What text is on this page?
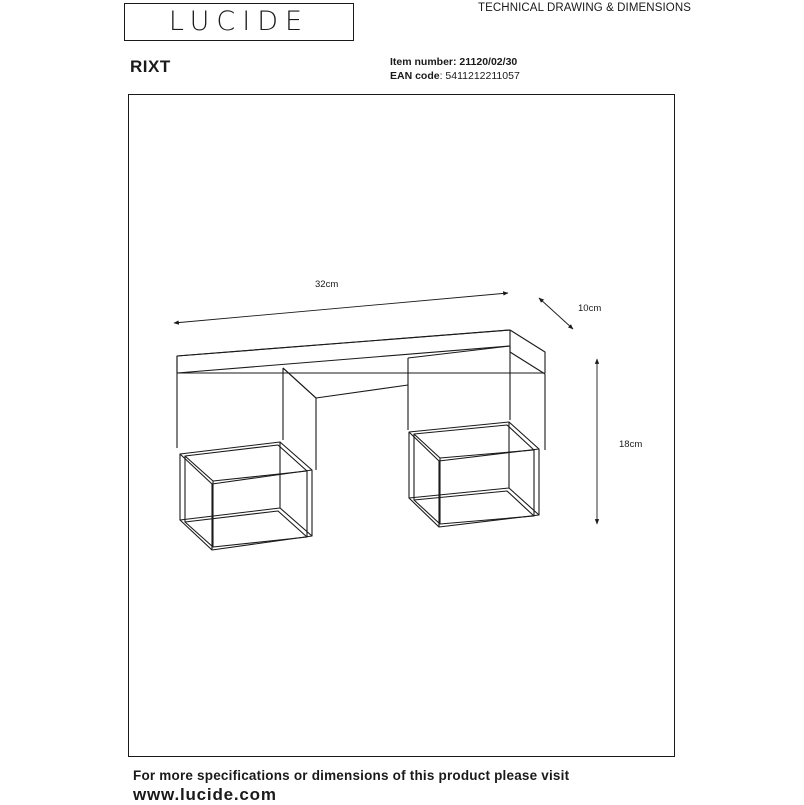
LUCIDE	TECHNICAL DRAWING & DIMENSIONS
RIXT	Item number: 21120/02/30
EAN code: 5411212211057
32cm
10cm
18cm
For more specifications or dimensions of this product please visit
www.lucide.com
